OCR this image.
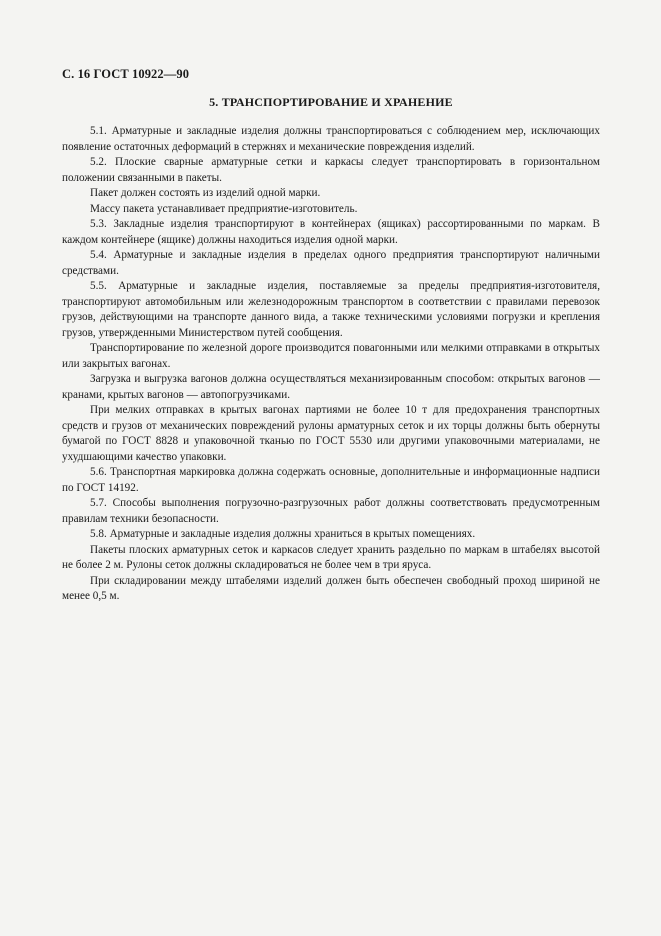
С. 16 ГОСТ 10922—90
5. ТРАНСПОРТИРОВАНИЕ И ХРАНЕНИЕ

5.1. Арматурные и закладные изделия должны транспортироваться с соблюдением мер, исключающих появление остаточных деформаций в стержнях и механические повреждения изделий.

5.2. Плоские сварные арматурные сетки и каркасы следует транспортировать в горизонтальном положении связанными в пакеты.

Пакет должен состоять из изделий одной марки.

Массу пакета устанавливает предприятие-изготовитель.

5.3. Закладные изделия транспортируют в контейнерах (ящиках) рассортированными по маркам. В каждом контейнере (ящике) должны находиться изделия одной марки.

5.4. Арматурные и закладные изделия в пределах одного предприятия транспортируют наличными средствами.

5.5. Арматурные и закладные изделия, поставляемые за пределы предприятия-изготовителя, транспортируют автомобильным или железнодорожным транспортом в соответствии с правилами перевозок грузов, действующими на транспорте данного вида, а также техническими условиями погрузки и крепления грузов, утвержденными Министерством путей сообщения.

Транспортирование по железной дороге производится повагонными или мелкими отправками в открытых или закрытых вагонах.

Загрузка и выгрузка вагонов должна осуществляться механизированным способом: открытых вагонов — кранами, крытых вагонов — автопогрузчиками.

При мелких отправках в крытых вагонах партиями не более 10 т для предохранения транспортных средств и грузов от механических повреждений рулоны арматурных сеток и их торцы должны быть обернуты бумагой по ГОСТ 8828 и упаковочной тканью по ГОСТ 5530 или другими упаковочными материалами, не ухудшающими качество упаковки.

5.6. Транспортная маркировка должна содержать основные, дополнительные и информационные надписи по ГОСТ 14192.

5.7. Способы выполнения погрузочно-разгрузочных работ должны соответствовать предусмотренным правилам техники безопасности.

5.8. Арматурные и закладные изделия должны храниться в крытых помещениях.

Пакеты плоских арматурных сеток и каркасов следует хранить раздельно по маркам в штабелях высотой не более 2 м. Рулоны сеток должны складироваться не более чем в три яруса.

При складировании между штабелями изделий должен быть обеспечен свободный проход шириной не менее 0,5 м.
